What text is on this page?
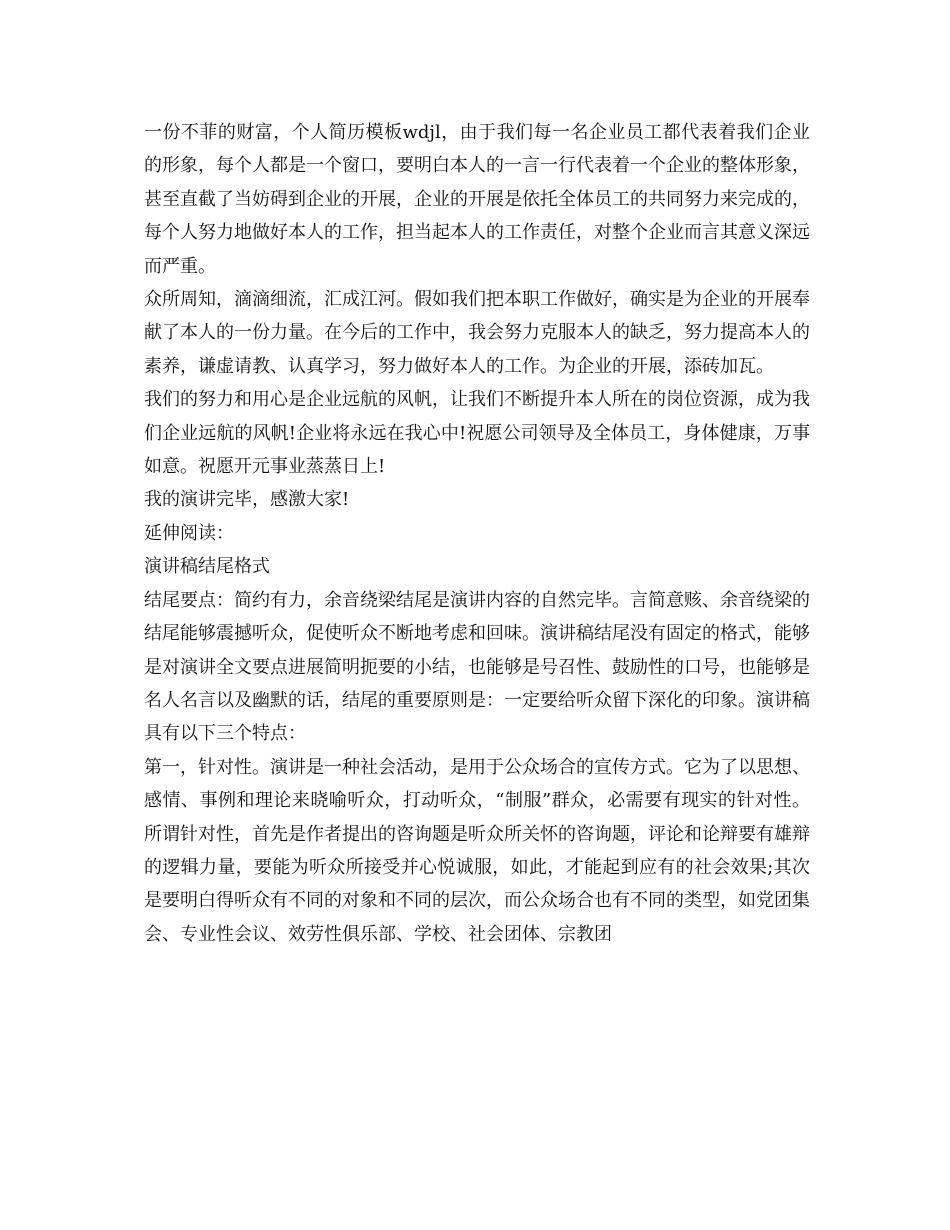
一份不菲的财富，个人简历模板wdjl，由于我们每一名企业员工都代表着我们企业的形象，每个人都是一个窗口，要明白本人的一言一行代表着一个企业的整体形象，甚至直截了当妨碍到企业的开展，企业的开展是依托全体员工的共同努力来完成的，每个人努力地做好本人的工作，担当起本人的工作责任，对整个企业而言其意义深远而严重。

众所周知，滴滴细流，汇成江河。假如我们把本职工作做好，确实是为企业的开展奉献了本人的一份力量。在今后的工作中，我会努力克服本人的缺乏，努力提高本人的素养，谦虚请教、认真学习，努力做好本人的工作。为企业的开展，添砖加瓦。

我们的努力和用心是企业远航的风帆，让我们不断提升本人所在的岗位资源，成为我们企业远航的风帆!企业将永远在我心中!祝愿公司领导及全体员工，身体健康，万事如意。祝愿开元事业蒸蒸日上!

我的演讲完毕，感激大家!

延伸阅读：

演讲稿结尾格式

结尾要点：简约有力，余音绕梁结尾是演讲内容的自然完毕。言简意赅、余音绕梁的结尾能够震撼听众，促使听众不断地考虑和回味。演讲稿结尾没有固定的格式，能够是对演讲全文要点进展简明扼要的小结，也能够是号召性、鼓励性的口号，也能够是名人名言以及幽默的话，结尾的重要原则是：一定要给听众留下深化的印象。演讲稿具有以下三个特点：

第一，针对性。演讲是一种社会活动，是用于公众场合的宣传方式。它为了以思想、感情、事例和理论来晓喻听众，打动听众，“制服”群众，必需要有现实的针对性。所谓针对性，首先是作者提出的咨询题是听众所关怀的咨询题，评论和论辩要有雄辩的逻辑力量，要能为听众所接受并心悦诚服，如此，才能起到应有的社会效果;其次是要明白得听众有不同的对象和不同的层次，而公众场合也有不同的类型，如党团集会、专业性会议、效劳性俱乐部、学校、社会团体、宗教团
